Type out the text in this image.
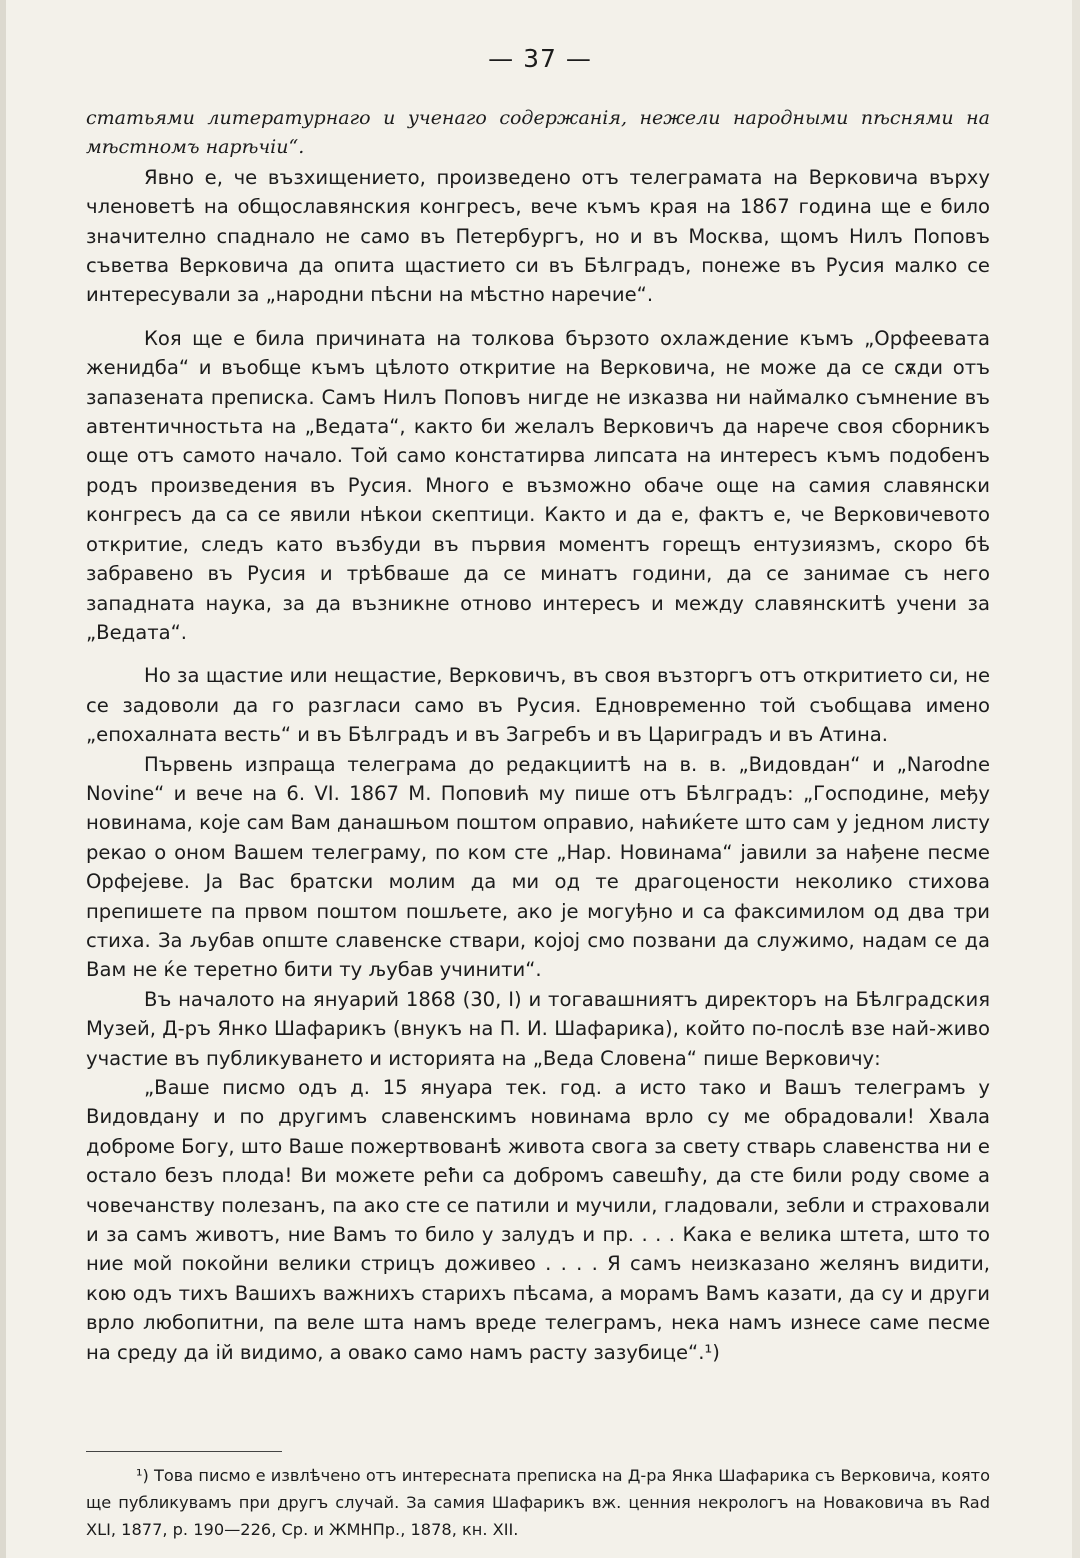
— 37 —

статьями литературнаго и ученаго содержанія, нежели народными пѣснями на мѣстномъ нарѣчіи“.

Явно е, че възхищението, произведено отъ телеграмата на Верковича върху членоветѣ на общославянския конгресъ, вече къмъ края на 1867 година ще е било значително спаднало не само въ Петербургъ, но и въ Москва, щомъ Нилъ Поповъ съветва Верковича да опита щастието си въ Бѣлградъ, понеже въ Русия малко се интересували за „народни пѣсни на мѣстно наречие“.

Коя ще е била причината на толкова бързото охлаждение къмъ „Орфеевата женидба“ и въобще къмъ цѣлото откритие на Верковича, не може да се сѫди отъ запазената преписка. Самъ Нилъ Поповъ нигде не изказва ни наймалко съмнение въ автентичностьта на „Ведата“, както би желалъ Верковичъ да нарече своя сборникъ още отъ самото начало. Той само констатирва липсата на интересъ къмъ подобенъ родъ произведения въ Русия. Много е възможно обаче още на самия славянски конгресъ да са се явили нѣкои скептици. Както и да е, фактъ е, че Верковичевото откритие, следъ като възбуди въ първия моментъ горещъ ентузиязмъ, скоро бѣ забравено въ Русия и трѣбваше да се минатъ години, да се занимае съ него западната наука, за да възникне отново интересъ и между славянскитѣ учени за „Ведата“.

Но за щастие или нещастие, Верковичъ, въ своя възторгъ отъ откритието си, не се задоволи да го разгласи само въ Русия. Едновременно той съобщава имено „епохалната весть“ и въ Бѣлградъ и въ Загребъ и въ Цариградъ и въ Атина.

Първень изпраща телеграма до редакциитѣ на в. в. „Видовдан“ и „Narodne Novine“ и вече на 6. VI. 1867 М. Поповић му пише отъ Бѣлградъ: „Господине, међу новинама, које сам Вам данашњом поштом оправио, наћиќете што сам у једном листу рекао о оном Вашем телеграму, по ком сте „Нар. Новинама“ јавили за нађене песме Орфејеве. Ја Вас братски молим да ми од те драгоцености неколико стихова препишете па првом поштом пошљете, ако је могуђно и са факсимилом од два три стиха. За љубав опште славенске ствари, којој смо позвани да служимо, надам се да Вам не ќе теретно бити ту љубав учинити“.

Въ началото на януарий 1868 (30, I) и тогавашниятъ директоръ на Бѣлградския Музей, Д-ръ Янко Шафарикъ (внукъ на П. И. Шафарика), който по-послѣ взе най-живо участие въ публикуването и историята на „Веда Словена“ пише Верковичу:

„Ваше писмо одъ д. 15 януара тек. год. а исто тако и Вашъ телеграмъ у Видовдану и по другимъ славенскимъ новинама врло су ме обрадовали! Хвала доброме Богу, што Ваше пожертвованѣ живота свога за свету стварь славенства ни е остало безъ плода! Ви можете реħи са добромъ савешħу, да сте били роду своме а човечанству полезанъ, па ако сте се патили и мучили, гладовали, зебли и страховали и за самъ животъ, ние Вамъ то било у залудъ и пр. . . . Кака е велика штета, што то ние мой покойни велики стрицъ доживео . . . . Я самъ неизказано желянъ видити, кою одъ тихъ Вашихъ важнихъ старихъ пѣсама, а морамъ Вамъ казати, да су и други врло любопитни, па веле шта намъ вреде телеграмъ, нека намъ изнесе саме песме на среду да ій видимо, а овако само намъ расту зазубице“.¹)

¹) Това писмо е извлѣчено отъ интересната преписка на Д-ра Янка Шафарика съ Верковича, която ще публикувамъ при другъ случай. За самия Шафарикъ вж. ценния некрологъ на Новаковича въ Rad XLI, 1877, p. 190—226, Ср. и ЖМНПр., 1878, кн. XII.
